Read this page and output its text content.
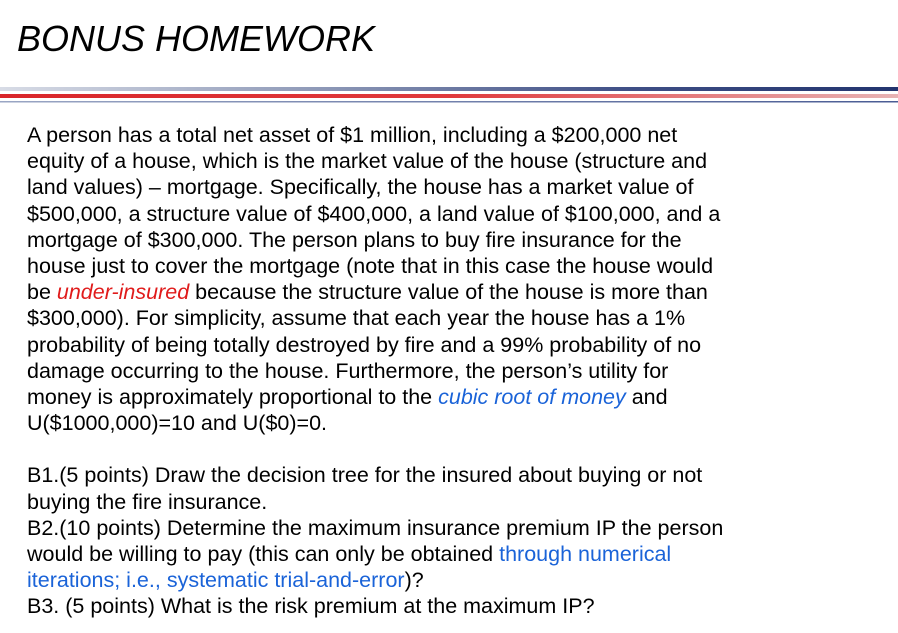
BONUS HOMEWORK

A person has a total net asset of $1 million, including a $200,000 net
equity of a house, which is the market value of the house (structure and
land values) – mortgage. Specifically, the house has a market value of
$500,000, a structure value of $400,000, a land value of $100,000, and a
mortgage of $300,000. The person plans to buy fire insurance for the
house just to cover the mortgage (note that in this case the house would
be under-insured because the structure value of the house is more than
$300,000). For simplicity, assume that each year the house has a 1%
probability of being totally destroyed by fire and a 99% probability of no
damage occurring to the house. Furthermore, the person’s utility for
money is approximately proportional to the cubic root of money and
U($1000,000)=10 and U($0)=0.

B1.(5 points) Draw the decision tree for the insured about buying or not
buying the fire insurance.
B2.(10 points) Determine the maximum insurance premium IP the person
would be willing to pay (this can only be obtained through numerical
iterations; i.e., systematic trial-and-error)?
B3. (5 points) What is the risk premium at the maximum IP?
